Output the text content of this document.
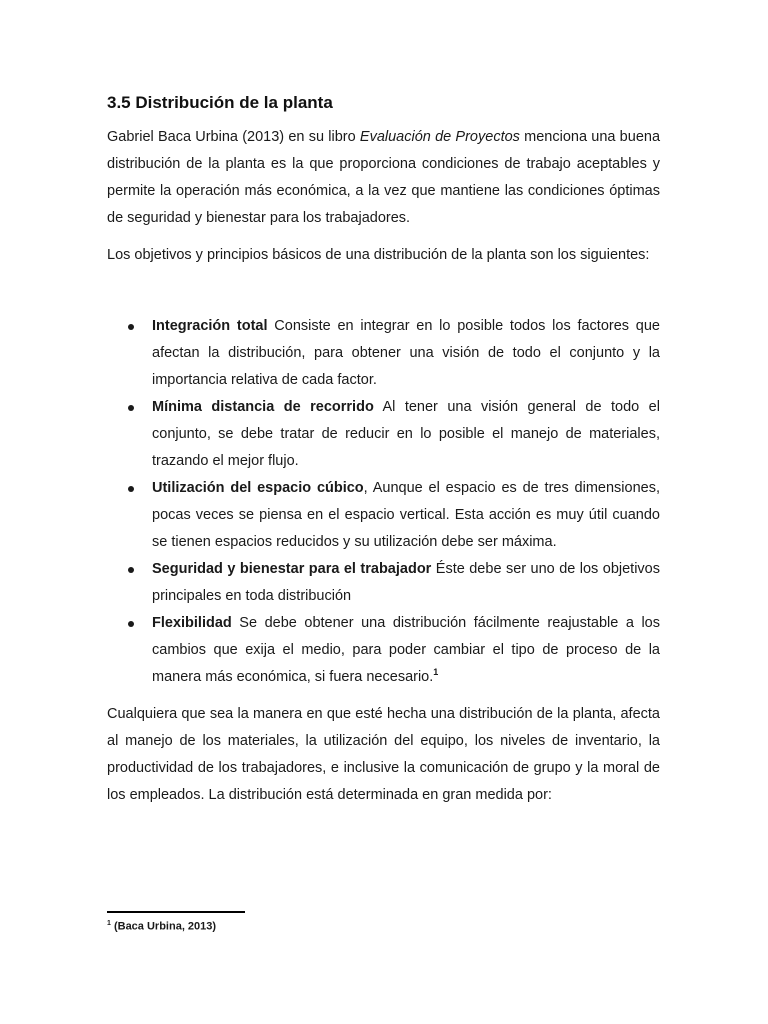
3.5 Distribución de la planta

Gabriel Baca Urbina (2013) en su libro Evaluación de Proyectos menciona una buena distribución de la planta es la que proporciona condiciones de trabajo aceptables y permite la operación más económica, a la vez que mantiene las condiciones óptimas de seguridad y bienestar para los trabajadores.

Los objetivos y principios básicos de una distribución de la planta son los siguientes:

Integración total Consiste en integrar en lo posible todos los factores que afectan la distribución, para obtener una visión de todo el conjunto y la importancia relativa de cada factor.
Mínima distancia de recorrido Al tener una visión general de todo el conjunto, se debe tratar de reducir en lo posible el manejo de materiales, trazando el mejor flujo.
Utilización del espacio cúbico, Aunque el espacio es de tres dimensiones, pocas veces se piensa en el espacio vertical. Esta acción es muy útil cuando se tienen espacios reducidos y su utilización debe ser máxima.
Seguridad y bienestar para el trabajador Éste debe ser uno de los objetivos principales en toda distribución
Flexibilidad Se debe obtener una distribución fácilmente reajustable a los cambios que exija el medio, para poder cambiar el tipo de proceso de la manera más económica, si fuera necesario.$^1$

Cualquiera que sea la manera en que esté hecha una distribución de la planta, afecta al manejo de los materiales, la utilización del equipo, los niveles de inventario, la productividad de los trabajadores, e inclusive la comunicación de grupo y la moral de los empleados. La distribución está determinada en gran medida por:

$^1$ (Baca Urbina, 2013)
